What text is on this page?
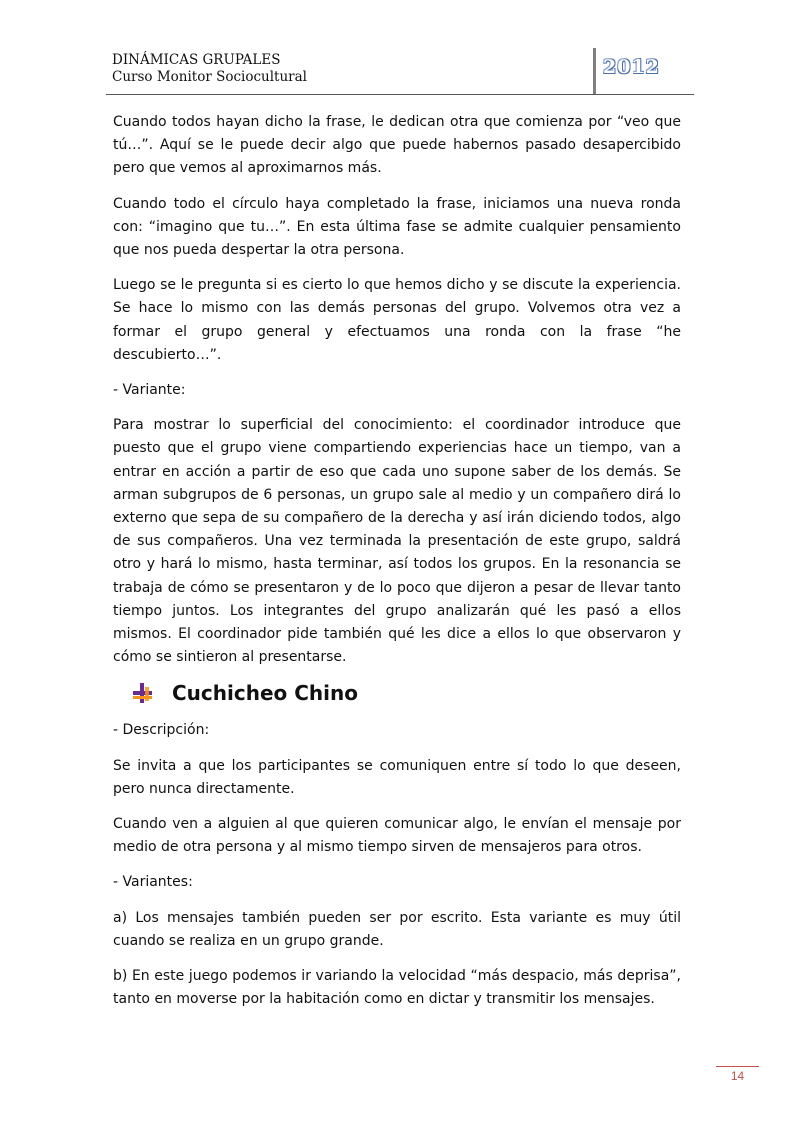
DINÁMICAS GRUPALES
Curso Monitor Sociocultural	2012

Cuando todos hayan dicho la frase, le dedican otra que comienza por “veo que tú…”. Aquí se le puede decir algo que puede habernos pasado desapercibido pero que vemos al aproximarnos más.

Cuando todo el círculo haya completado la frase, iniciamos una nueva ronda con: “imagino que tu…”. En esta última fase se admite cualquier pensamiento que nos pueda despertar la otra persona.

Luego se le pregunta si es cierto lo que hemos dicho y se discute la experiencia. Se hace lo mismo con las demás personas del grupo. Volvemos otra vez a formar el grupo general y efectuamos una ronda con la frase “he descubierto…”.

- Variante:

Para mostrar lo superficial del conocimiento: el coordinador introduce que puesto que el grupo viene compartiendo experiencias hace un tiempo, van a entrar en acción a partir de eso que cada uno supone saber de los demás. Se arman subgrupos de 6 personas, un grupo sale al medio y un compañero dirá lo externo que sepa de su compañero de la derecha y así irán diciendo todos, algo de sus compañeros. Una vez terminada la presentación de este grupo, saldrá otro y hará lo mismo, hasta terminar, así todos los grupos. En la resonancia se trabaja de cómo se presentaron y de lo poco que dijeron a pesar de llevar tanto tiempo juntos. Los integrantes del grupo analizarán qué les pasó a ellos mismos. El coordinador pide también qué les dice a ellos lo que observaron y cómo se sintieron al presentarse.

Cuchicheo Chino

- Descripción:

Se invita a que los participantes se comuniquen entre sí todo lo que deseen, pero nunca directamente.

Cuando ven a alguien al que quieren comunicar algo, le envían el mensaje por medio de otra persona y al mismo tiempo sirven de mensajeros para otros.

- Variantes:

a) Los mensajes también pueden ser por escrito. Esta variante es muy útil cuando se realiza en un grupo grande.

b) En este juego podemos ir variando la velocidad “más despacio, más deprisa”, tanto en moverse por la habitación como en dictar y transmitir los mensajes.

14
